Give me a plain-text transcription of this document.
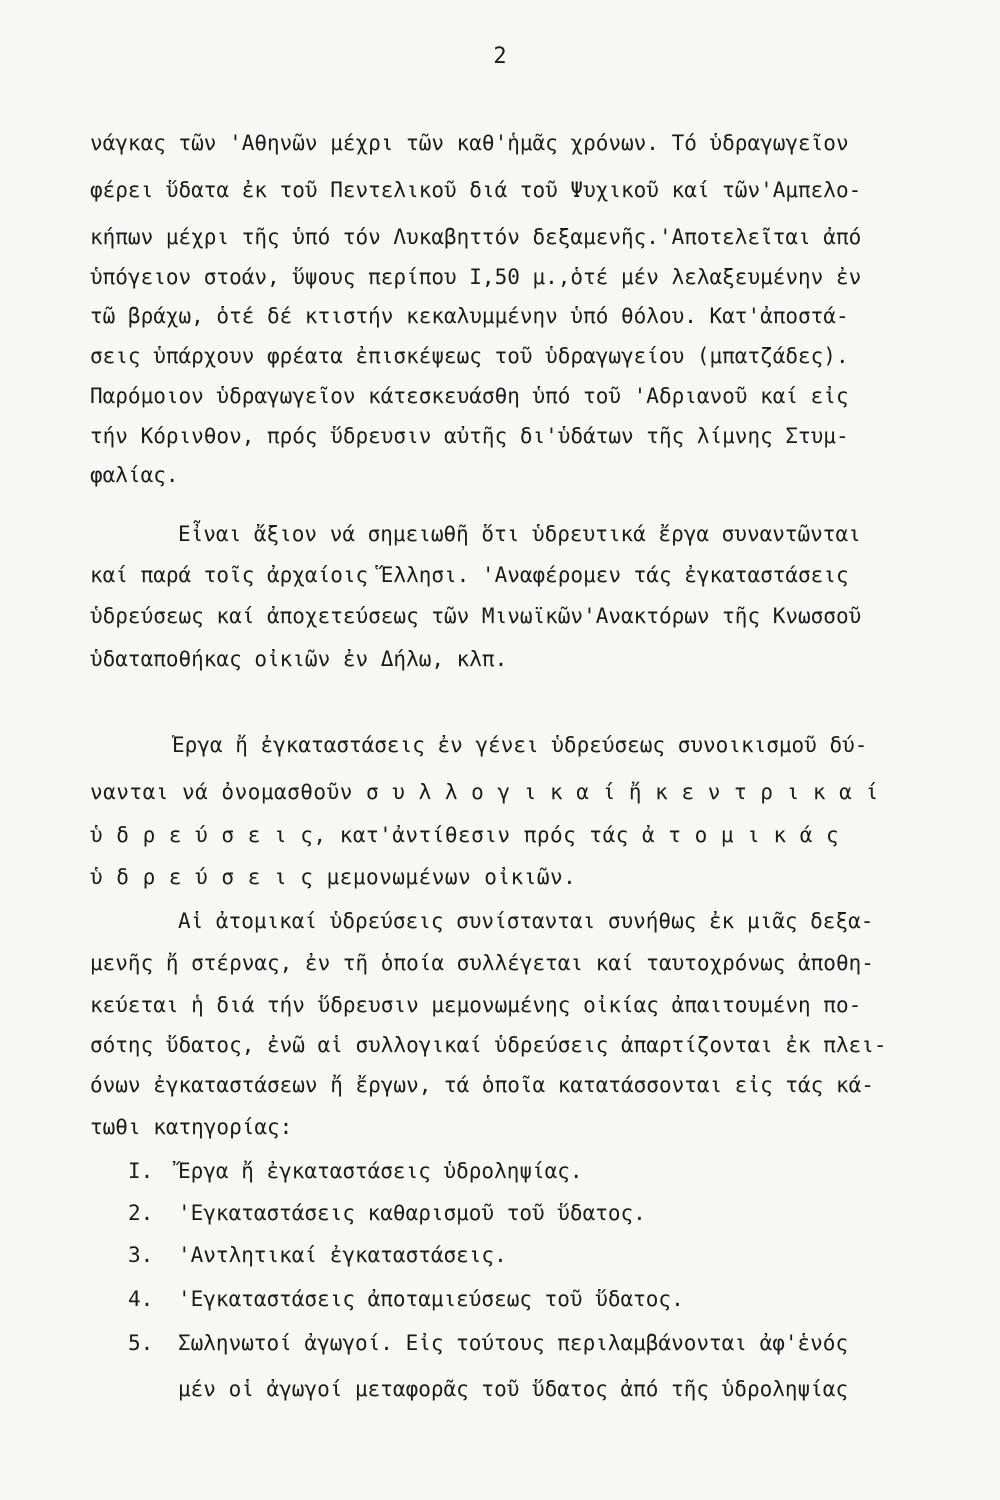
2
νάγκας τῶν 'Αθηνῶν μέχρι τῶν καθ'ἡμᾶς χρόνων. Τό ὑδραγωγεῖον
φέρει ὕδατα ἐκ τοῦ Πεντελικοῦ διά τοῦ Ψυχικοῦ καί τῶν'Αμπελο-
κήπων μέχρι τῆς ὑπό τόν Λυκαβηττόν δεξαμενῆς.'Αποτελεῖται ἀπό
ὑπόγειον στοάν, ὕψους περίπου Ι,50 μ.,ὁτέ μέν λελαξευμένην ἐν
τῶ βράχω, ὁτέ δέ κτιστήν κεκαλυμμένην ὑπό θόλου. Κατ'ἀποστά-
σεις ὑπάρχουν φρέατα ἐπισκέψεως τοῦ ὑδραγωγείου (μπατζάδες).
Παρόμοιον ὑδραγωγεῖον κάτεσκευάσθη ὑπό τοῦ 'Αδριανοῦ καί εἰς
τήν Κόρινθον, πρός ὕδρευσιν αὐτῆς δι'ὑδάτων τῆς λίμνης Στυμ-
φαλίας.
Εἶναι ἄξιον νά σημειωθῆ ὅτι ὑδρευτικά ἔργα συναντῶνται
καί παρά τοῖς ἀρχαίοις Ἕλλησι. 'Αναφέρομεν τάς ἐγκαταστάσεις
ὑδρεύσεως καί ἀποχετεύσεως τῶν Μινωϊκῶν'Ανακτόρων τῆς Κνωσσοῦ
ὑδαταποθήκας οἰκιῶν ἐν Δήλω, κλπ.
Ἔργα ἤ ἐγκαταστάσεις ἐν γένει ὑδρεύσεως συνοικισμοῦ δύ-
νανται νά ὀνομασθοῦν σ υ λ λ ο γ ι κ α ί ἤ κ ε ν τ ρ ι κ α ί
ὑ δ ρ ε ύ σ ε ι ς, κατ'ἀντίθεσιν πρός τάς ἀ τ ο μ ι κ ά ς
ὑ δ ρ ε ύ σ ε ι ς μεμονωμένων οἰκιῶν.
Αἱ ἀτομικαί ὑδρεύσεις συνίστανται συνήθως ἐκ μιᾶς δεξα-
μενῆς ἤ στέρνας, ἐν τῆ ὁποία συλλέγεται καί ταυτοχρόνως ἀποθη-
κεύεται ἡ διά τήν ὕδρευσιν μεμονωμένης οἰκίας ἀπαιτουμένη πο-
σότης ὕδατος, ἐνῶ αἱ συλλογικαί ὑδρεύσεις ἀπαρτίζονται ἐκ πλει-
όνων ἐγκαταστάσεων ἤ ἔργων, τά ὁποῖα κατατάσσονται εἰς τάς κά-
τωθι κατηγορίας:
Ι. Ἔργα ἤ ἐγκαταστάσεις ὑδροληψίας.
2. 'Εγκαταστάσεις καθαρισμοῦ τοῦ ὕδατος.
3. 'Αντλητικαί ἐγκαταστάσεις.
4. 'Εγκαταστάσεις ἀποταμιεύσεως τοῦ ὕδατος.
5. Σωληνωτοί ἀγωγοί. Εἰς τούτους περιλαμβάνονται ἀφ'ἑνός
μέν οἱ ἀγωγοί μεταφορᾶς τοῦ ὕδατος ἀπό τῆς ὑδροληψίας
